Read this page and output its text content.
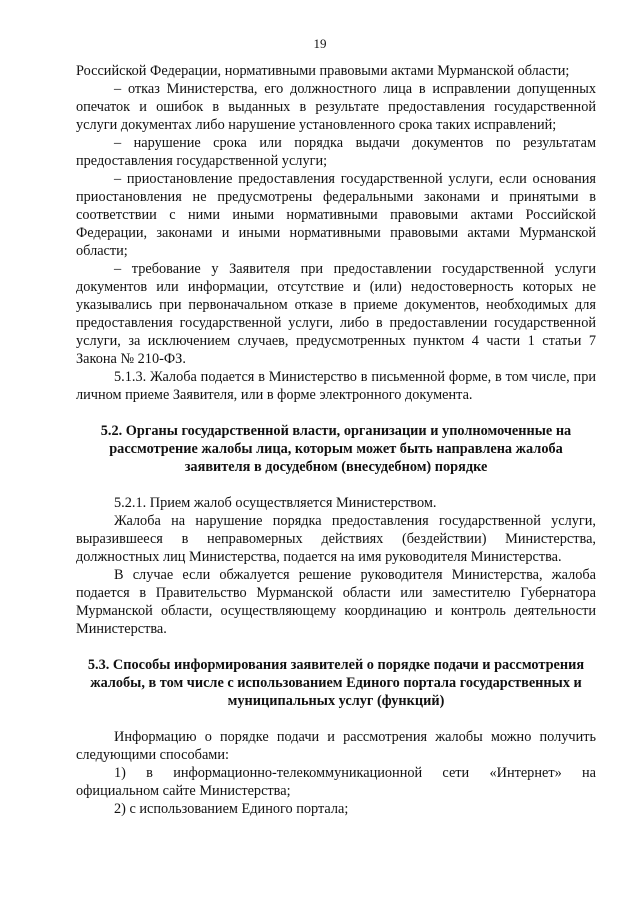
19

Российской Федерации, нормативными правовыми актами Мурманской области;

– отказ Министерства, его должностного лица в исправлении допущенных опечаток и ошибок в выданных в результате предоставления государственной услуги документах либо нарушение установленного срока таких исправлений;

– нарушение срока или порядка выдачи документов по результатам предоставления государственной услуги;

– приостановление предоставления государственной услуги, если основания приостановления не предусмотрены федеральными законами и принятыми в соответствии с ними иными нормативными правовыми актами Российской Федерации, законами и иными нормативными правовыми актами Мурманской области;

– требование у Заявителя при предоставлении государственной услуги документов или информации, отсутствие и (или) недостоверность которых не указывались при первоначальном отказе в приеме документов, необходимых для предоставления государственной услуги, либо в предоставлении государственной услуги, за исключением случаев, предусмотренных пунктом 4 части 1 статьи 7 Закона № 210-ФЗ.

5.1.3. Жалоба подается в Министерство в письменной форме, в том числе, при личном приеме Заявителя, или в форме электронного документа.

5.2. Органы государственной власти, организации и уполномоченные на рассмотрение жалобы лица, которым может быть направлена жалоба заявителя в досудебном (внесудебном) порядке

5.2.1. Прием жалоб осуществляется Министерством.

Жалоба на нарушение порядка предоставления государственной услуги, выразившееся в неправомерных действиях (бездействии) Министерства, должностных лиц Министерства, подается на имя руководителя Министерства.

В случае если обжалуется решение руководителя Министерства, жалоба подается в Правительство Мурманской области или заместителю Губернатора Мурманской области, осуществляющему координацию и контроль деятельности Министерства.

5.3. Способы информирования заявителей о порядке подачи и рассмотрения жалобы, в том числе с использованием Единого портала государственных и муниципальных услуг (функций)

Информацию о порядке подачи и рассмотрения жалобы можно получить следующими способами:

1) в информационно-телекоммуникационной сети «Интернет» на официальном сайте Министерства;

2) с использованием Единого портала;
